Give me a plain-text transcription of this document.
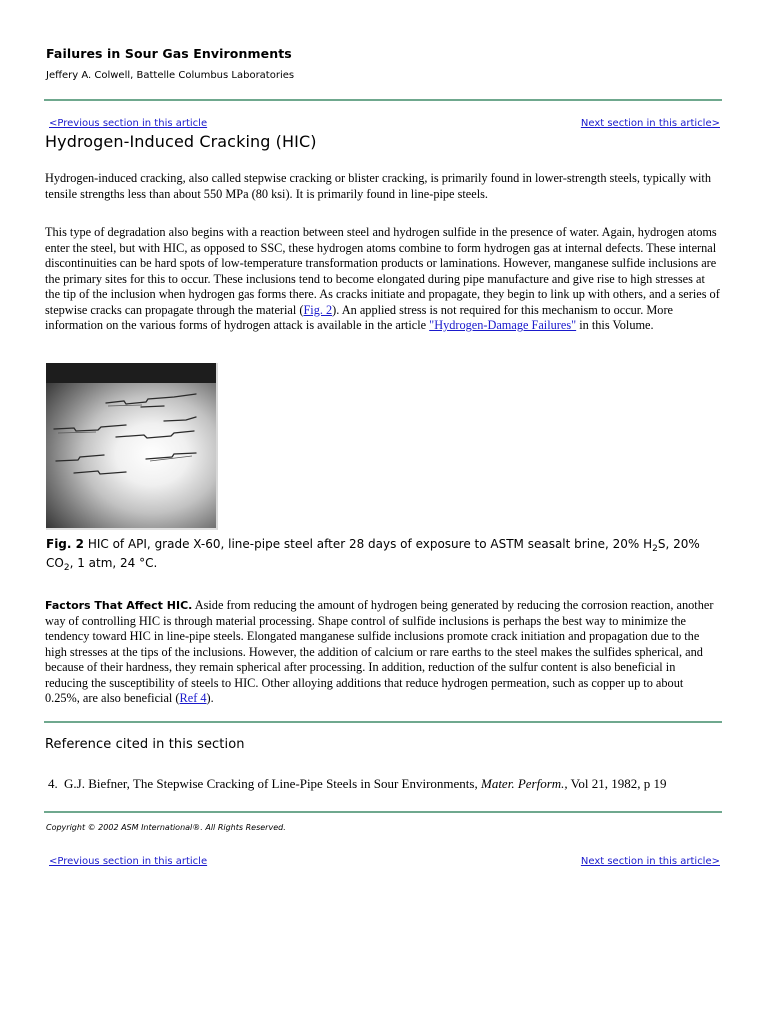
Failures in Sour Gas Environments
Jeffery A. Colwell, Battelle Columbus Laboratories
<Previous section in this article	Next section in this article>
Hydrogen-Induced Cracking (HIC)
Hydrogen-induced cracking, also called stepwise cracking or blister cracking, is primarily found in lower-strength steels, typically with tensile strengths less than about 550 MPa (80 ksi). It is primarily found in line-pipe steels.
This type of degradation also begins with a reaction between steel and hydrogen sulfide in the presence of water. Again, hydrogen atoms enter the steel, but with HIC, as opposed to SSC, these hydrogen atoms combine to form hydrogen gas at internal defects. These internal discontinuities can be hard spots of low-temperature transformation products or laminations. However, manganese sulfide inclusions are the primary sites for this to occur. These inclusions tend to become elongated during pipe manufacture and give rise to high stresses at the tip of the inclusion when hydrogen gas forms there. As cracks initiate and propagate, they begin to link up with others, and a series of stepwise cracks can propagate through the material (Fig. 2). An applied stress is not required for this mechanism to occur. More information on the various forms of hydrogen attack is available in the article "Hydrogen-Damage Failures" in this Volume.
Fig. 2 HIC of API, grade X-60, line-pipe steel after 28 days of exposure to ASTM seasalt brine, 20% $H_2S$, 20% $CO_2$, 1 atm, 24 °C.
Factors That Affect HIC. Aside from reducing the amount of hydrogen being generated by reducing the corrosion reaction, another way of controlling HIC is through material processing. Shape control of sulfide inclusions is perhaps the best way to minimize the tendency toward HIC in line-pipe steels. Elongated manganese sulfide inclusions promote crack initiation and propagation due to the high stresses at the tips of the inclusions. However, the addition of calcium or rare earths to the steel makes the sulfides spherical, and because of their hardness, they remain spherical after processing. In addition, reduction of the sulfur content is also beneficial in reducing the susceptibility of steels to HIC. Other alloying additions that reduce hydrogen permeation, such as copper up to about 0.25%, are also beneficial (Ref 4).
Reference cited in this section
4. G.J. Biefner, The Stepwise Cracking of Line-Pipe Steels in Sour Environments, Mater. Perform., Vol 21, 1982, p 19
Copyright © 2002 ASM International®. All Rights Reserved.
<Previous section in this article	Next section in this article>
